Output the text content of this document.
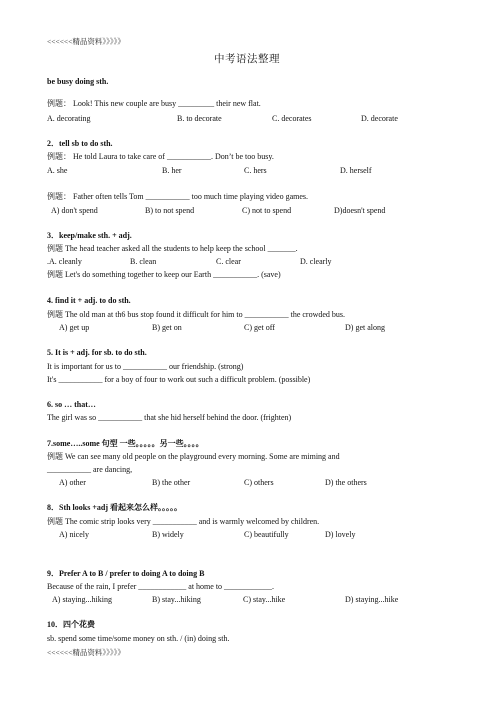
<<<<<<精品资料》》》》》
中考语法整理
be busy doing sth.
例题： Look! This new couple are busy _________ their new flat.
A. decorating	B. to decorate	C. decorates	D. decorate
2．tell sb to do sth.
例题： He told Laura to take care of ___________. Don’t be too busy.
A. she	B. her	C. hers	D. herself
例题： Father often tells Tom ___________ too much time playing video games.
A) don't spend	B) to not spend	C) not to spend	D)doesn't spend
3．keep/make sth. + adj.
例题 The head teacher asked all the students to help keep the school _______.
.A. cleanly	B. clean	C. clear	D. clearly
例题 Let's do something together to keep our Earth ___________. (save)
4. find it + adj. to do sth.
例题 The old man at th6 bus stop found it difficult for him to ___________ the crowded bus.
A) get up	B) get on	C) get off	D) get along
5. It is + adj. for sb. to do sth.
It is important for us to ___________ our friendship. (strong)
It's ___________ for a boy of four to work out such a difficult problem. (possible)
6. so … that…
The girl was so ___________ that she hid herself behind the door. (frighten)
7.some…..some 句型 一些。。。。。另一些。。。。
例题 We can see many old people on the playground every morning. Some are miming and
___________ are dancing,
A) other	B) the other	C) others	D) the others
8．Sth looks +adj 看起来怎么样。。。。。
例题 The comic strip looks very ___________ and is warmly welcomed by children.
A) nicely	B) widely	C) beautifully	D) lovely
9．Prefer A to B / prefer to doing A to doing B
Because of the rain, I prefer ____________ at home to ____________.
A) staying...hiking	B) stay...hiking	C) stay...hike	D) staying...hike
10．四个花费
sb. spend some time/some money on sth. / (in) doing sth.
<<<<<<精品资料》》》》》
